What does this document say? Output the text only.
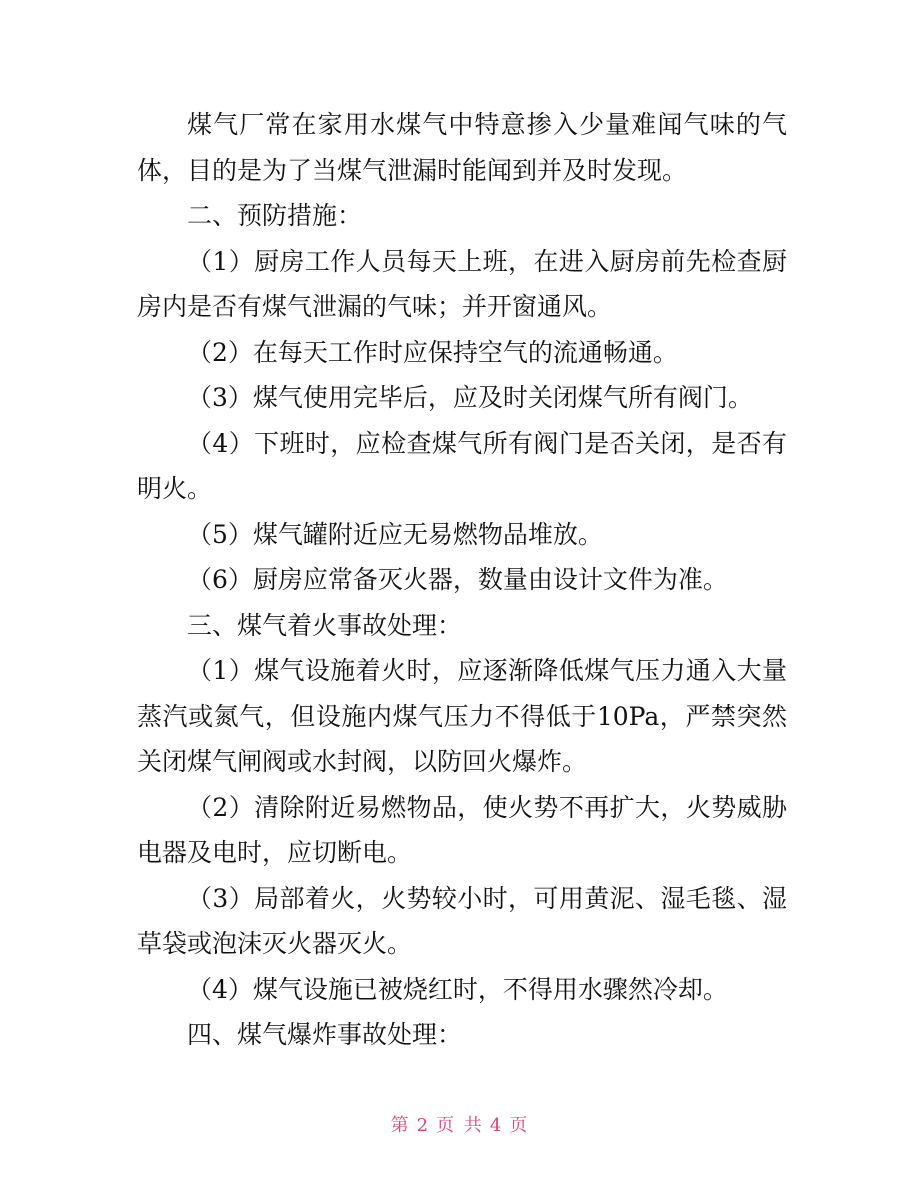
煤气厂常在家用水煤气中特意掺入少量难闻气味的气体，目的是为了当煤气泄漏时能闻到并及时发现。

二、预防措施：

（1）厨房工作人员每天上班，在进入厨房前先检查厨房内是否有煤气泄漏的气味；并开窗通风。

（2）在每天工作时应保持空气的流通畅通。

（3）煤气使用完毕后，应及时关闭煤气所有阀门。

（4）下班时，应检查煤气所有阀门是否关闭，是否有明火。

（5）煤气罐附近应无易燃物品堆放。

（6）厨房应常备灭火器，数量由设计文件为准。

三、煤气着火事故处理：

（1）煤气设施着火时，应逐渐降低煤气压力通入大量蒸汽或氮气，但设施内煤气压力不得低于10Pa，严禁突然关闭煤气闸阀或水封阀，以防回火爆炸。

（2）清除附近易燃物品，使火势不再扩大，火势威胁电器及电时，应切断电。

（3）局部着火，火势较小时，可用黄泥、湿毛毯、湿草袋或泡沫灭火器灭火。

（4）煤气设施已被烧红时，不得用水骤然冷却。

四、煤气爆炸事故处理：

第 2 页 共 4 页
